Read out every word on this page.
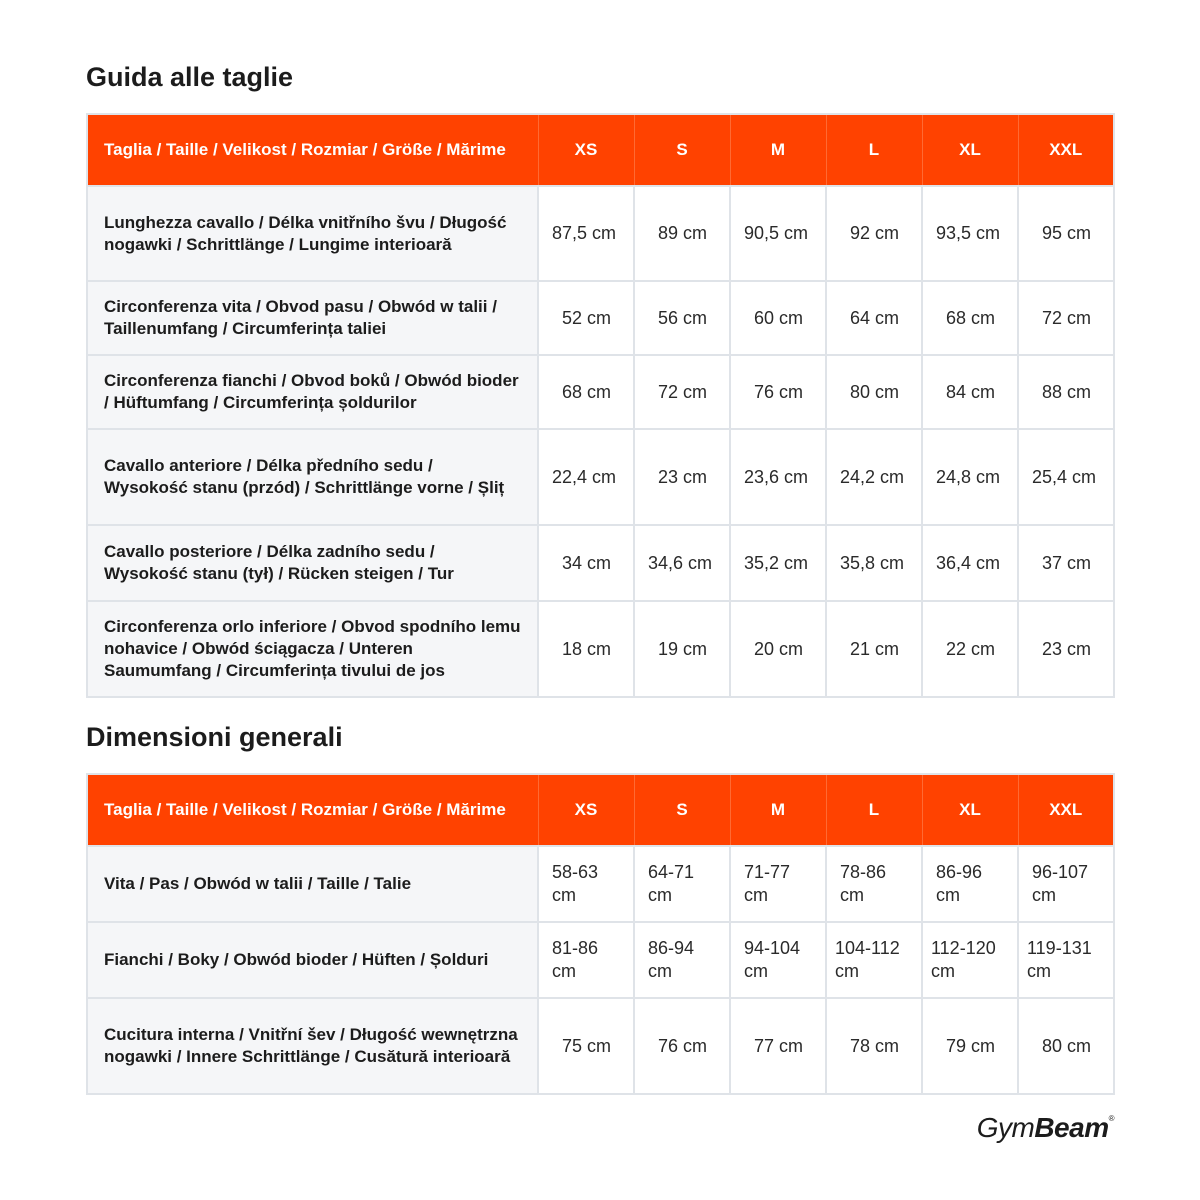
Guida alle taglie
Taglia / Taille / Velikost / Rozmiar / Größe / Mărime	XS	S	M	L	XL	XXL
Lunghezza cavallo / Délka vnitřního švu / Długość nogawki / Schrittlänge / Lungime interioară	87,5 cm	89 cm	90,5 cm	92 cm	93,5 cm	95 cm
Circonferenza vita / Obvod pasu / Obwód w talii / Taillenumfang / Circumferința taliei	52 cm	56 cm	60 cm	64 cm	68 cm	72 cm
Circonferenza fianchi / Obvod boků / Obwód bioder / Hüftumfang / Circumferința șoldurilor	68 cm	72 cm	76 cm	80 cm	84 cm	88 cm
Cavallo anteriore / Délka předního sedu / Wysokość stanu (przód) / Schrittlänge vorne / Șliț	22,4 cm	23 cm	23,6 cm	24,2 cm	24,8 cm	25,4 cm
Cavallo posteriore / Délka zadního sedu / Wysokość stanu (tył) / Rücken steigen / Tur	34 cm	34,6 cm	35,2 cm	35,8 cm	36,4 cm	37 cm
Circonferenza orlo inferiore / Obvod spodního lemu nohavice / Obwód ściągacza / Unteren Saumumfang / Circumferința tivului de jos	18 cm	19 cm	20 cm	21 cm	22 cm	23 cm
Dimensioni generali
Taglia / Taille / Velikost / Rozmiar / Größe / Mărime	XS	S	M	L	XL	XXL
Vita / Pas / Obwód w talii / Taille / Talie	58-63 cm	64-71 cm	71-77 cm	78-86 cm	86-96 cm	96-107 cm
Fianchi / Boky / Obwód bioder / Hüften / Șolduri	81-86 cm	86-94 cm	94-104 cm	104-112 cm	112-120 cm	119-131 cm
Cucitura interna / Vnitřní šev / Długość wewnętrzna nogawki / Innere Schrittlänge / Cusătură interioară	75 cm	76 cm	77 cm	78 cm	79 cm	80 cm
GymBeam®
